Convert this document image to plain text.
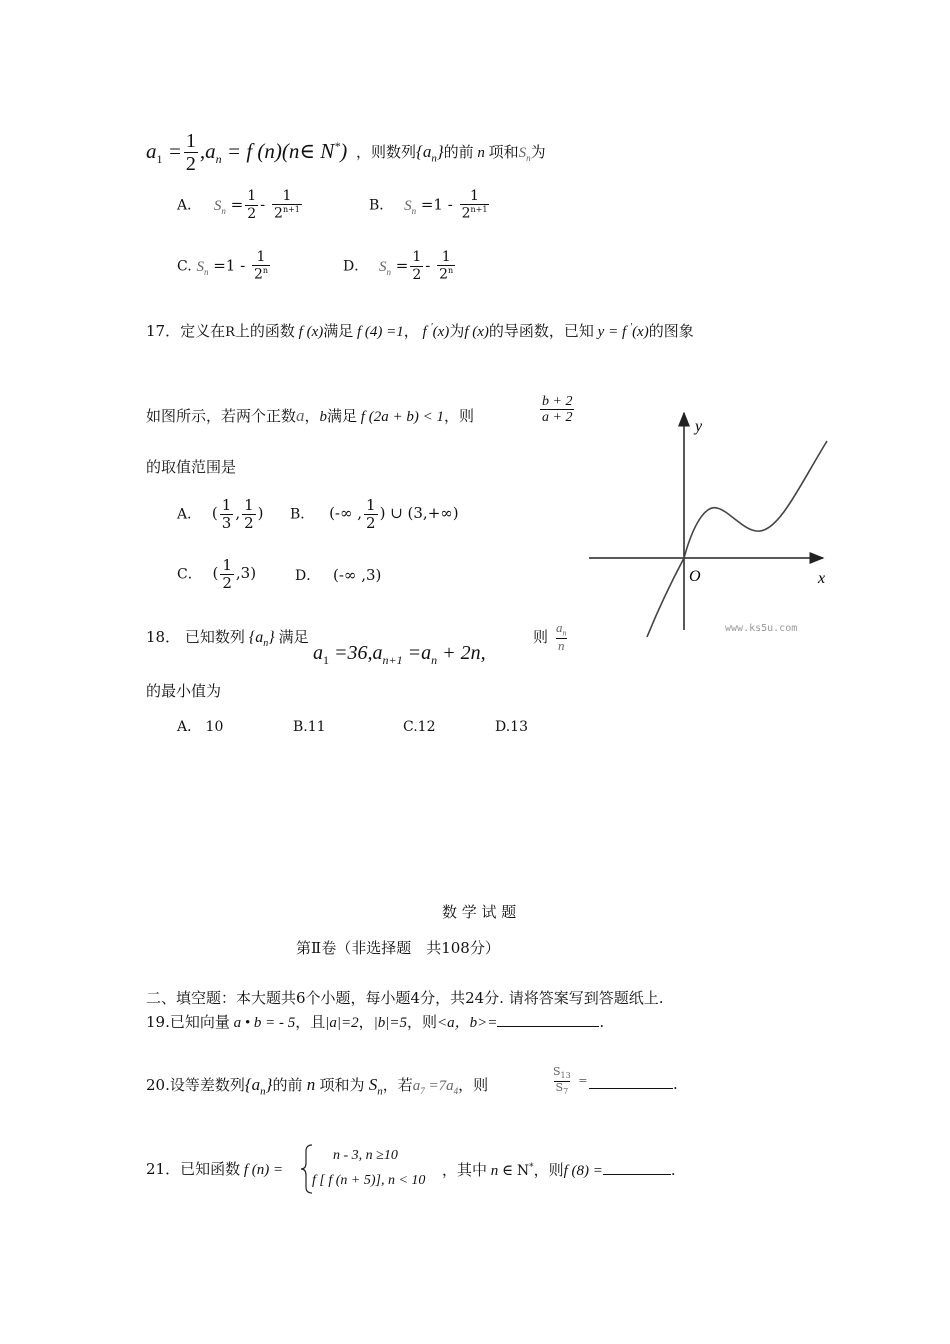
$a_1 = \frac{1}{2} ,a_n = f$ (n)(n∈ N*) ，则数列$\{a_n\}$的前 n 项和$S_n$为
A． $S_n = \frac{1}{2} - \frac{1}{2^{n+1}}$	B． $S_n =1 - \frac{1}{2^{n+1}}$
C. $S_n =1 - \frac{1}{2^n}$	D． $S_n = \frac{1}{2} - \frac{1}{2^n}$
17．定义在R上的函数 f (x)满足 f (4) =1， f ′(x)为f (x)的导函数，已知 y = f ′(x)的图象
如图所示，若两个正数a，b满足 f (2a + b) < 1，则	$\frac{b + 2}{a + 2}$
的取值范围是
A． ( $\frac{1}{3}$ , $\frac{1}{2}$ ) B． (-∞ , $\frac{1}{2}$ ) ∪ (3,+∞)
C． ( $\frac{1}{2} ,3$)	D． (-∞ ,3)
y
x
O
www.ks5u.com
18． 已知数列 $\{a_n\}$ 满足
$a_1 =36,a_{n+1} =a_n + 2n$,
则 $\frac{a_n}{n}$
的最小值为
A． 10	B.11	C.12	D.13
数 学 试 题
第Ⅱ卷（非选择题　共108分）
二、填空题：本大题共6个小题，每小题4分，共24分. 请将答案写到答题纸上.
19.已知向量 a • b = - 5，且|a|=2，|b|=5，则<a，b>=	.
20.设等差数列$\{a_n\}$的前 n 项和为 $S_n$，若$a_7 =7a_4$，则	$\frac{S_{13}}{S_7}$ =	.
21．已知函数 f (n) =
n - 3, n ≥10
f [ f (n + 5)], n < 10
，其中 n ∈ N*，则f (8) =	.
